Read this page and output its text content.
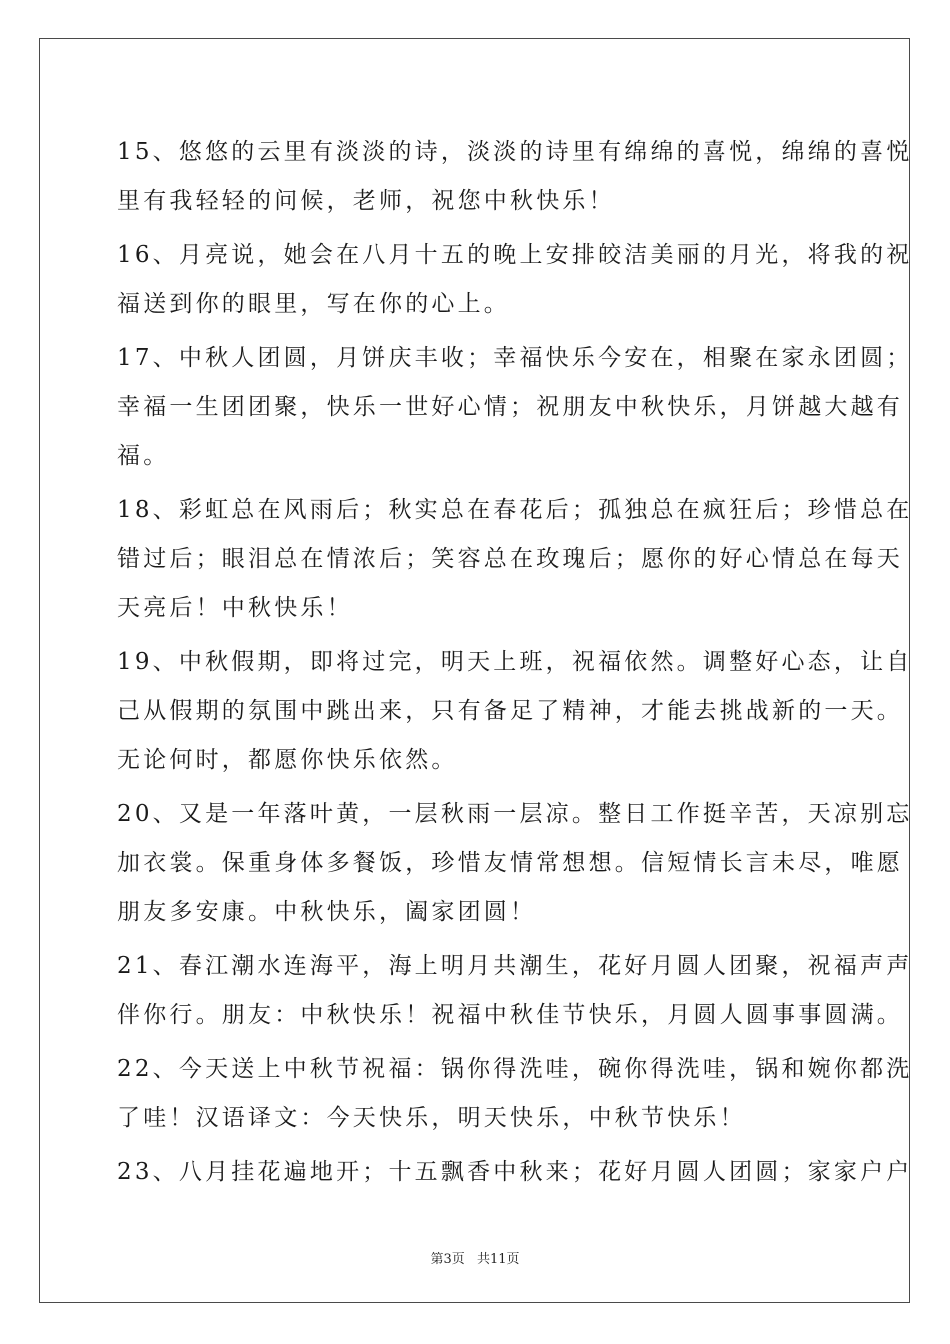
15、悠悠的云里有淡淡的诗，淡淡的诗里有绵绵的喜悦，绵绵的喜悦
里有我轻轻的问候，老师，祝您中秋快乐！

16、月亮说，她会在八月十五的晚上安排皎洁美丽的月光，将我的祝
福送到你的眼里，写在你的心上。

17、中秋人团圆，月饼庆丰收；幸福快乐今安在，相聚在家永团圆；
幸福一生团团聚，快乐一世好心情；祝朋友中秋快乐，月饼越大越有
福。

18、彩虹总在风雨后；秋实总在春花后；孤独总在疯狂后；珍惜总在
错过后；眼泪总在情浓后；笑容总在玫瑰后；愿你的好心情总在每天
天亮后！中秋快乐！

19、中秋假期，即将过完，明天上班，祝福依然。调整好心态，让自
己从假期的氛围中跳出来，只有备足了精神，才能去挑战新的一天。
无论何时，都愿你快乐依然。

20、又是一年落叶黄，一层秋雨一层凉。整日工作挺辛苦，天凉别忘
加衣裳。保重身体多餐饭，珍惜友情常想想。信短情长言未尽，唯愿
朋友多安康。中秋快乐，阖家团圆！

21、春江潮水连海平，海上明月共潮生，花好月圆人团聚，祝福声声
伴你行。朋友：中秋快乐！祝福中秋佳节快乐，月圆人圆事事圆满。

22、今天送上中秋节祝福：锅你得洗哇，碗你得洗哇，锅和婉你都洗
了哇！汉语译文：今天快乐，明天快乐，中秋节快乐！

23、八月挂花遍地开；十五飘香中秋来；花好月圆人团圆；家家户户

第3页 共11页
